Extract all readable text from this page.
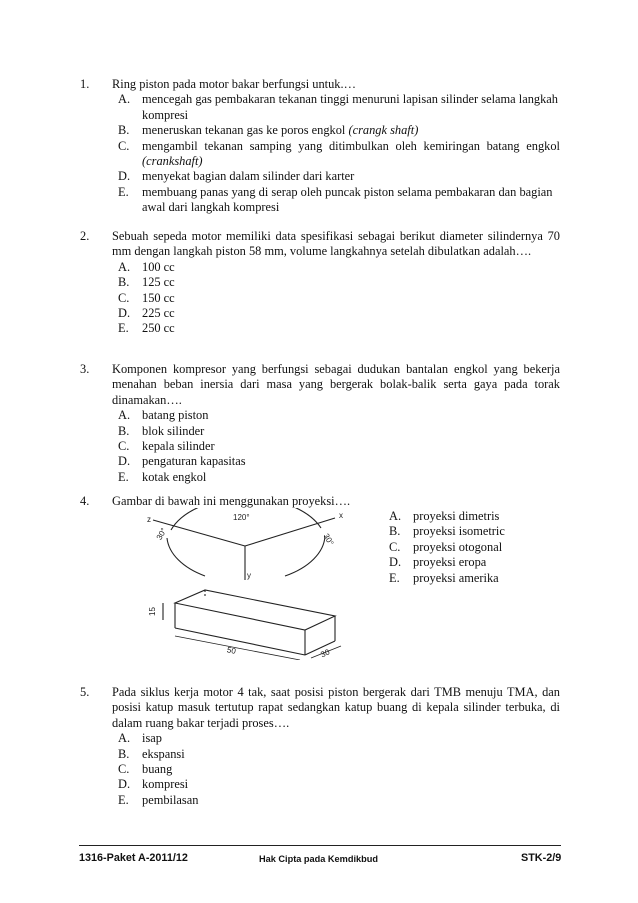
1.	Ring piston pada motor bakar berfungsi untuk.…
A. mencegah gas pembakaran tekanan tinggi menuruni lapisan silinder selama langkah kompresi
B.	meneruskan tekanan gas ke poros engkol (crangk shaft)
C.	mengambil tekanan samping yang ditimbulkan oleh kemiringan batang engkol (crankshaft)
D. menyekat bagian dalam silinder dari karter
E.	membuang panas yang di serap oleh puncak piston selama pembakaran dan bagian awal dari langkah kompresi
2.	Sebuah sepeda motor memiliki data spesifikasi sebagai berikut diameter silindernya 70 mm dengan langkah piston 58 mm, volume langkahnya setelah dibulatkan adalah….
A. 100 cc
B.	125 cc
C.	150 cc
D. 225 cc
E.	250 cc
3.	Komponen kompresor yang berfungsi sebagai dudukan bantalan engkol yang bekerja menahan beban inersia dari masa yang bergerak bolak-balik serta gaya pada torak dinamakan….
A. batang piston
B.	blok silinder
C.	kepala silinder
D. pengaturan kapasitas
E.	kotak engkol
4.	Gambar di bawah ini menggunakan proyeksi….
A. proyeksi dimetris
B.	proyeksi isometric
C.	proyeksi otogonal
D. proyeksi eropa
E.	proyeksi amerika
120°
30°	30°
z	x
y
15
50	30
5.	Pada siklus kerja motor 4 tak, saat posisi piston bergerak dari TMB menuju TMA, dan posisi katup masuk tertutup rapat sedangkan katup buang di kepala silinder terbuka, di dalam ruang bakar terjadi proses….
A. isap
B.	ekspansi
C.	buang
D. kompresi
E.	pembilasan
1316-Paket A-2011/12	Hak Cipta pada Kemdikbud	STK-2/9
